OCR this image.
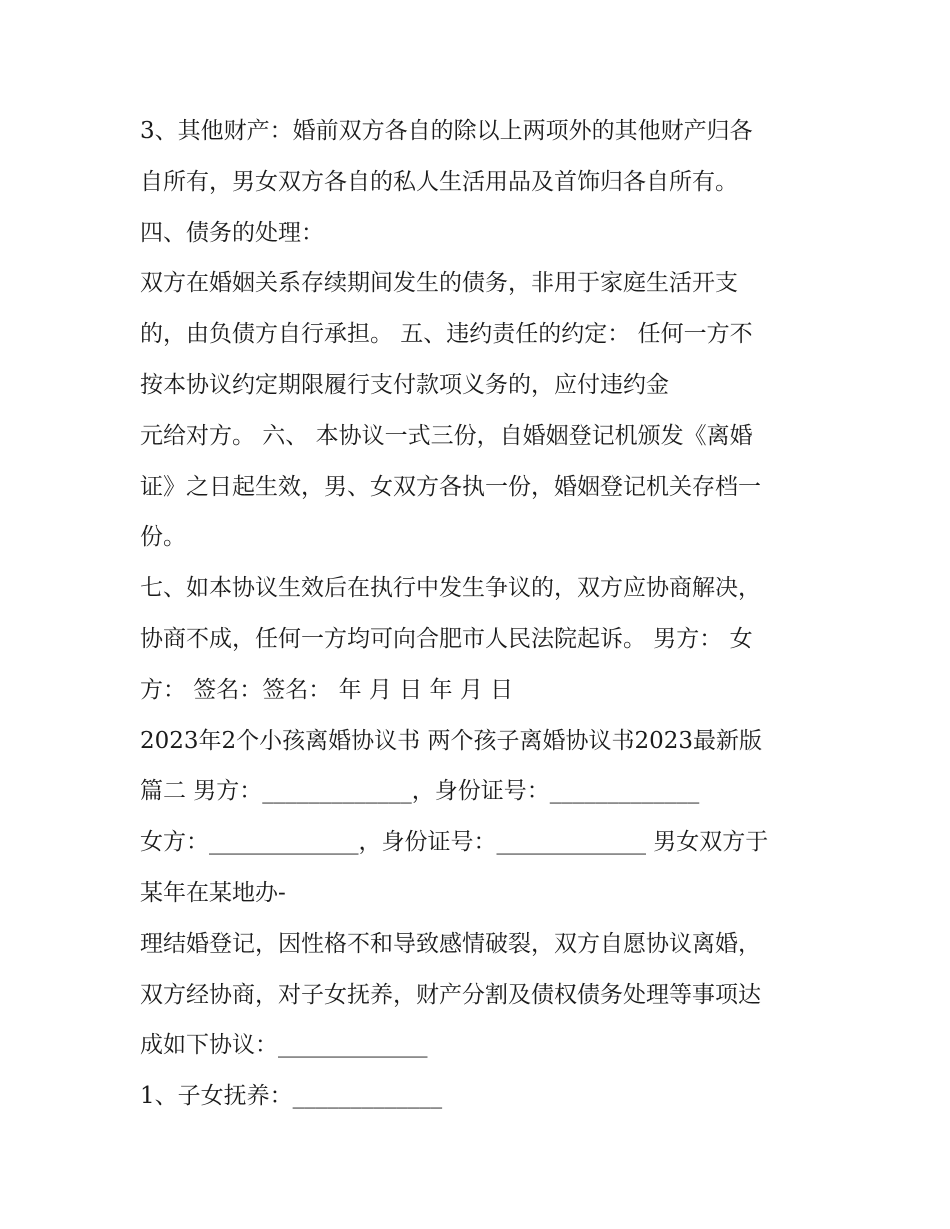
3、其他财产：婚前双方各自的除以上两项外的其他财产归各
自所有，男女双方各自的私人生活用品及首饰归各自所有。
四、债务的处理：
双方在婚姻关系存续期间发生的债务，非用于家庭生活开支
的，由负债方自行承担。 五、违约责任的约定： 任何一方不
按本协议约定期限履行支付款项义务的，应付违约金
元给对方。 六、 本协议一式三份，自婚姻登记机颁发《离婚
证》之日起生效，男、女双方各执一份，婚姻登记机关存档一
份。
七、如本协议生效后在执行中发生争议的，双方应协商解决，
协商不成，任何一方均可向合肥市人民法院起诉。 男方： 女
方： 签名：签名： 年 月 日 年 月 日
2023年2个小孩离婚协议书 两个孩子离婚协议书2023最新版
篇二 男方：_____________，身份证号：_____________
女方：_____________，身份证号：_____________ 男女双方于
某年在某地办-
理结婚登记，因性格不和导致感情破裂，双方自愿协议离婚，
双方经协商，对子女抚养，财产分割及债权债务处理等事项达
成如下协议：_____________
1、子女抚养：_____________
